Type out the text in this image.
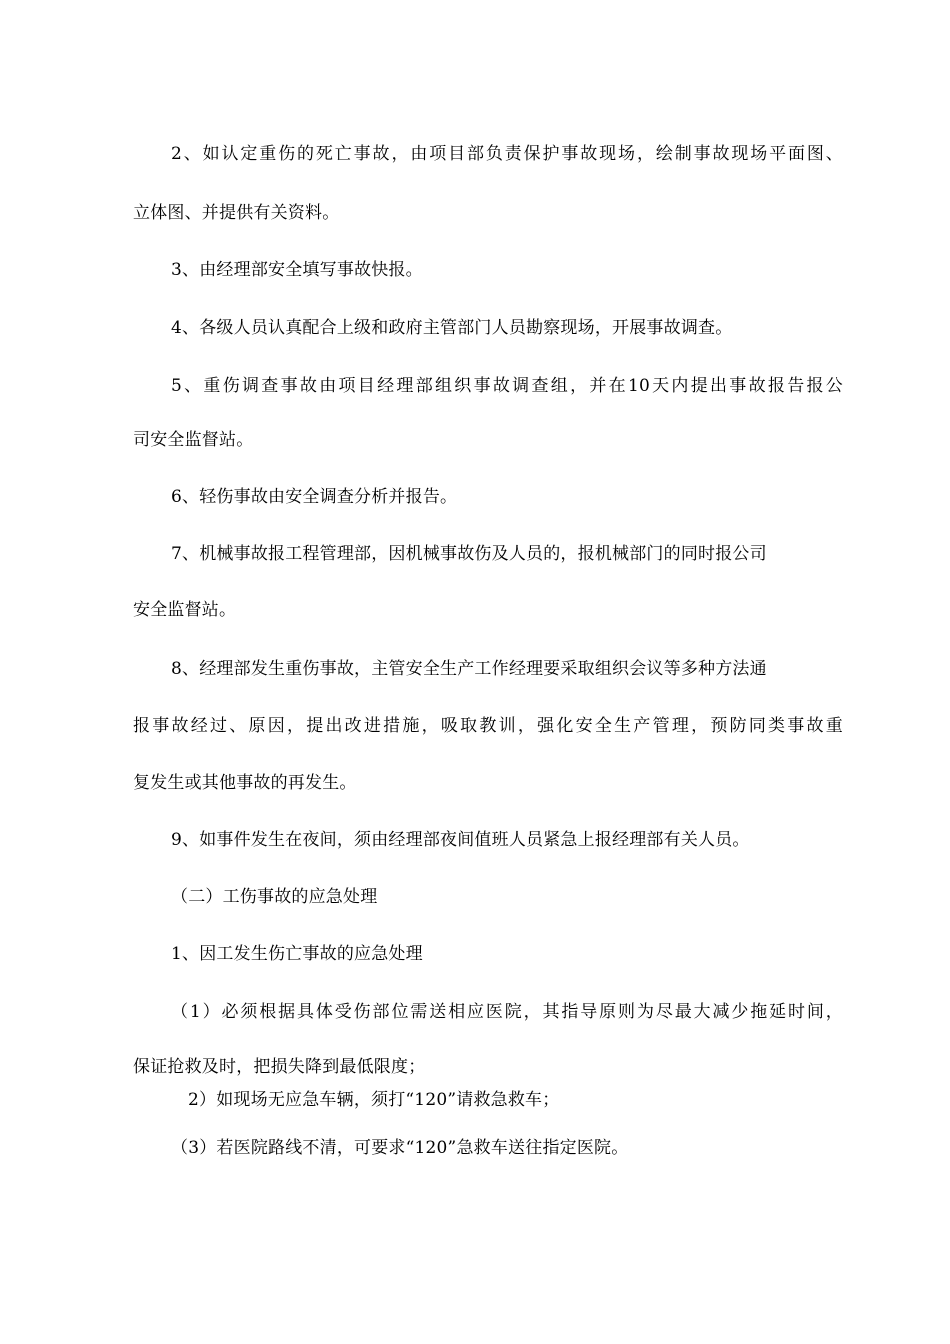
2、如认定重伤的死亡事故，由项目部负责保护事故现场，绘制事故现场平面图、
立体图、并提供有关资料。
3、由经理部安全填写事故快报。
4、各级人员认真配合上级和政府主管部门人员勘察现场，开展事故调查。
5、重伤调查事故由项目经理部组织事故调查组，并在10天内提出事故报告报公
司安全监督站。
6、轻伤事故由安全调查分析并报告。
7、机械事故报工程管理部，因机械事故伤及人员的，报机械部门的同时报公司
安全监督站。
8、经理部发生重伤事故，主管安全生产工作经理要采取组织会议等多种方法通
报事故经过、原因，提出改进措施，吸取教训，强化安全生产管理，预防同类事故重
复发生或其他事故的再发生。
9、如事件发生在夜间，须由经理部夜间值班人员紧急上报经理部有关人员。
（二）工伤事故的应急处理
1、因工发生伤亡事故的应急处理
（1）必须根据具体受伤部位需送相应医院，其指导原则为尽最大减少拖延时间，
保证抢救及时，把损失降到最低限度；
2）如现场无应急车辆，须打“120”请救急救车；
（3）若医院路线不清，可要求“120”急救车送往指定医院。
